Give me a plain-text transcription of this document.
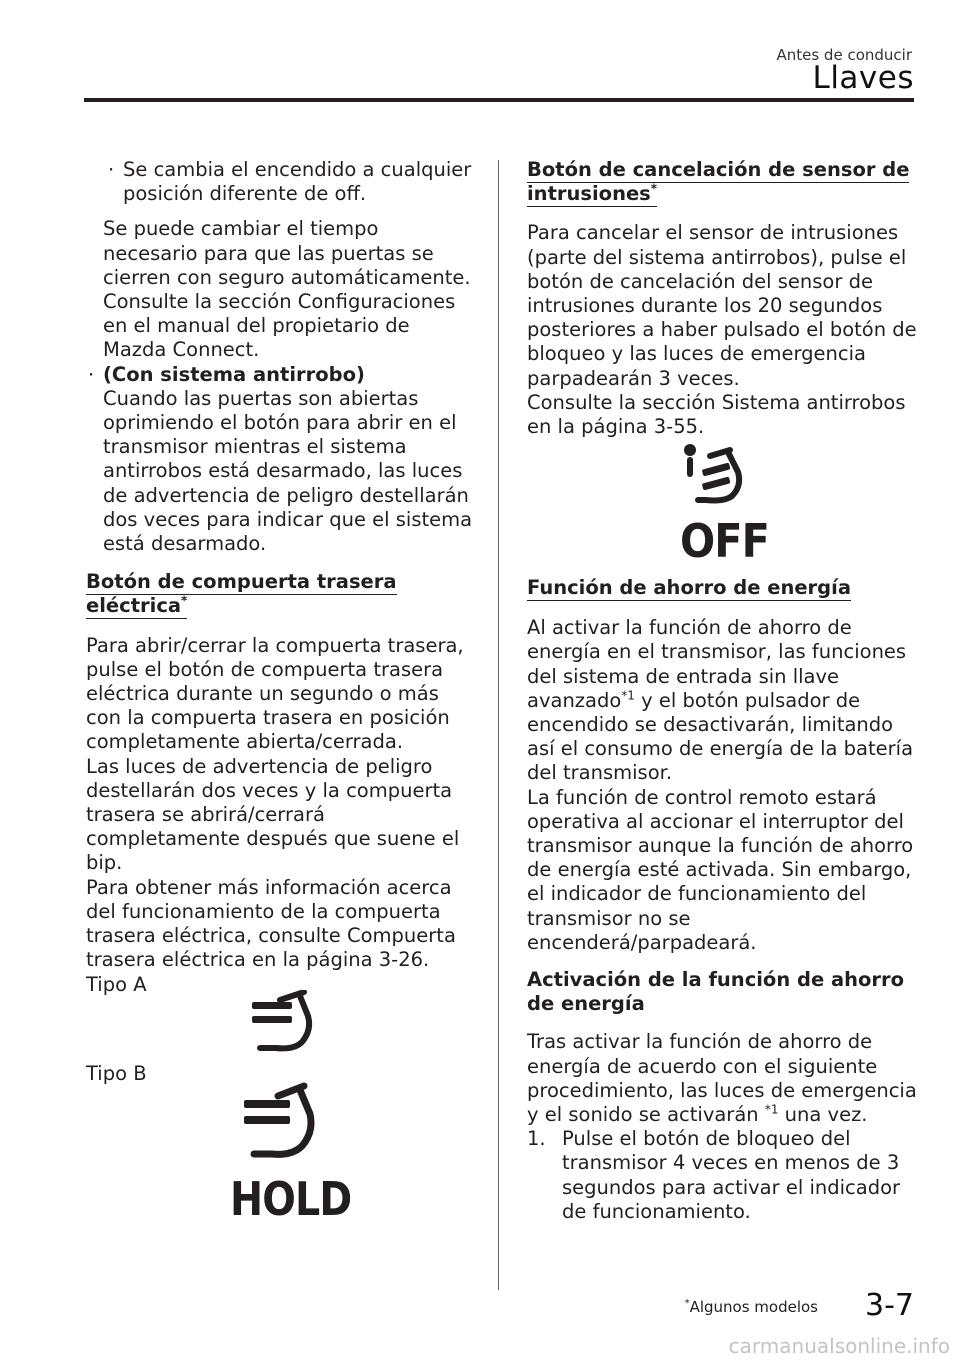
Antes de conducir
Llaves

· Se cambia el encendido a cualquier posición diferente de off.

Se puede cambiar el tiempo necesario para que las puertas se cierren con seguro automáticamente.

Consulte la sección Configuraciones en el manual del propietario de Mazda Connect.

· (Con sistema antirrobo)
Cuando las puertas son abiertas oprimiendo el botón para abrir en el transmisor mientras el sistema antirrobos está desarmado, las luces de advertencia de peligro destellarán dos veces para indicar que el sistema está desarmado.

Botón de compuerta trasera eléctrica*

Para abrir/cerrar la compuerta trasera, pulse el botón de compuerta trasera eléctrica durante un segundo o más con la compuerta trasera en posición completamente abierta/cerrada.

Las luces de advertencia de peligro destellarán dos veces y la compuerta trasera se abrirá/cerrará completamente después que suene el bip.

Para obtener más información acerca del funcionamiento de la compuerta trasera eléctrica, consulte Compuerta trasera eléctrica en la página 3-26.

Tipo A

Tipo B
HOLD

Botón de cancelación de sensor de intrusiones*

Para cancelar el sensor de intrusiones (parte del sistema antirrobos), pulse el botón de cancelación del sensor de intrusiones durante los 20 segundos posteriores a haber pulsado el botón de bloqueo y las luces de emergencia parpadearán 3 veces.

Consulte la sección Sistema antirrobos en la página 3-55.

OFF

Función de ahorro de energía

Al activar la función de ahorro de energía en el transmisor, las funciones del sistema de entrada sin llave avanzado$^{*1}$ y el botón pulsador de encendido se desactivarán, limitando así el consumo de energía de la batería del transmisor.

La función de control remoto estará operativa al accionar el interruptor del transmisor aunque la función de ahorro de energía esté activada. Sin embargo, el indicador de funcionamiento del transmisor no se encenderá/parpadeará.

Activación de la función de ahorro de energía

Tras activar la función de ahorro de energía de acuerdo con el siguiente procedimiento, las luces de emergencia y el sonido se activarán $^{*1}$ una vez.

1. Pulse el botón de bloqueo del transmisor 4 veces en menos de 3 segundos para activar el indicador de funcionamiento.
*Algunos modelos 3-7
carmanualsonline.info
